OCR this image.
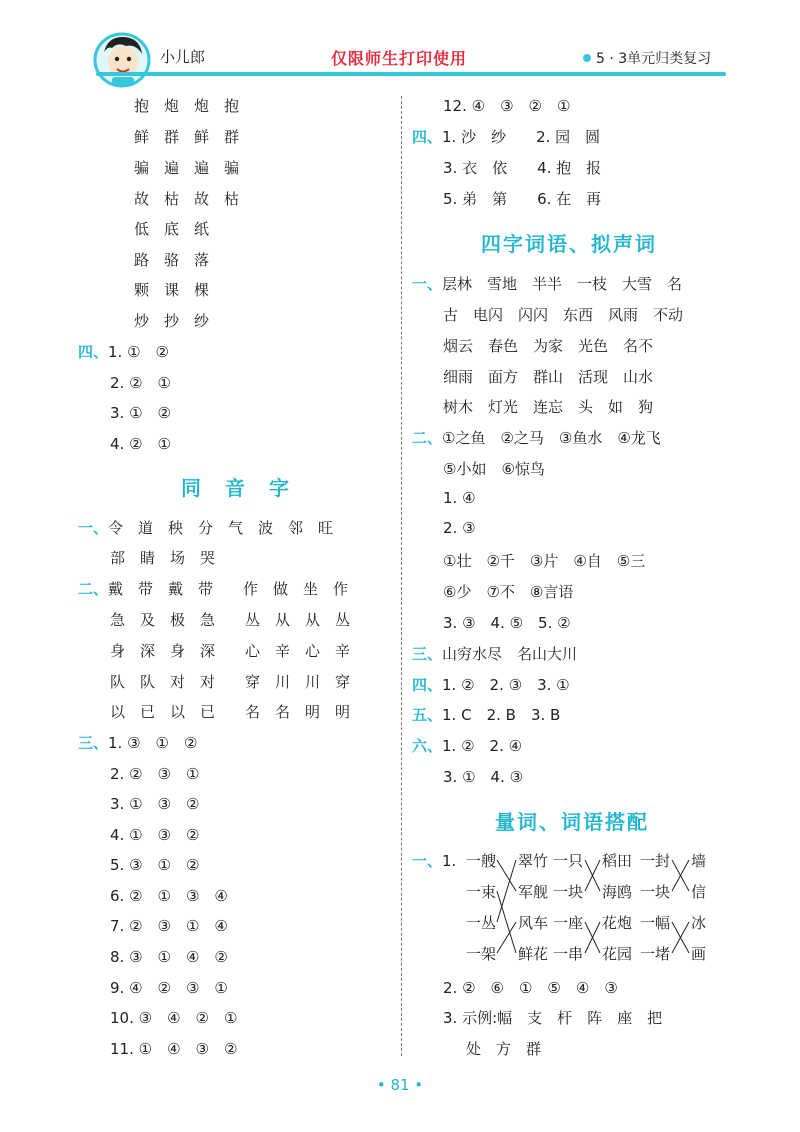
小儿郎	仅限师生打印使用	5 · 3单元归类复习
抱　炮　炮　抱
鲜　群　鲜　群
骗　遍　遍　骗
故　枯　故　枯
低　底　纸
路　骆　落
颗　课　棵
炒　抄　纱
四、1. ①　②
2. ②　①
3. ①　②
4. ②　①
同　音　字
一、令　道　秧　分　气　波　邻　旺
部　睛　场　哭
二、戴　带　戴　带　　作　做　坐　作
急　及　极　急　　丛　从　从　丛
身　深　身　深　　心　辛　心　辛
队　队　对　对　　穿　川　川　穿
以　已　以　已　　名　名　明　明
三、1. ③　①　②
2. ②　③　①
3. ①　③　②
4. ①　③　②
5. ③　①　②
6. ②　①　③　④
7. ②　③　①　④
8. ③　①　④　②
9. ④　②　③　①
10. ③　④　②　①
11. ①　④　③　②
12. ④　③　②　①
四、1. 沙　纱　　2. 园　圆
3. 衣　依　　4. 抱　报
5. 弟　第　　6. 在　再
四字词语、拟声词
一、层林　雪地　半半　一枝　大雪　名
古　电闪　闪闪　东西　风雨　不动
烟云　春色　为家　光色　名不
细雨　面方　群山　活现　山水
树木　灯光　连忘　头　如　狗
二、①之鱼　②之马　③鱼水　④龙飞
⑤小如　⑥惊鸟
1. ④
2. ③
①壮　②千　③片　④自　⑤三
⑥少　⑦不　⑧言语
3. ③　4. ⑤　5. ②
三、山穷水尽　名山大川
四、1. ②　2. ③　3. ①
五、1. C　2. B　3. B
六、1. ②　2. ④
3. ①　4. ③
量词、词语搭配
一、1. 一艘
一束
一丛
一架
翠竹
军舰
风车
鲜花
一只
一块
一座
一串
稻田
海鸥
花炮
花园
一封
一块
一幅
一堵
墙
信
冰
画
2. ②　⑥　①　⑤　④　③
3. 示例:幅　支　杆　阵　座　把
处　方　群
• 81 •
